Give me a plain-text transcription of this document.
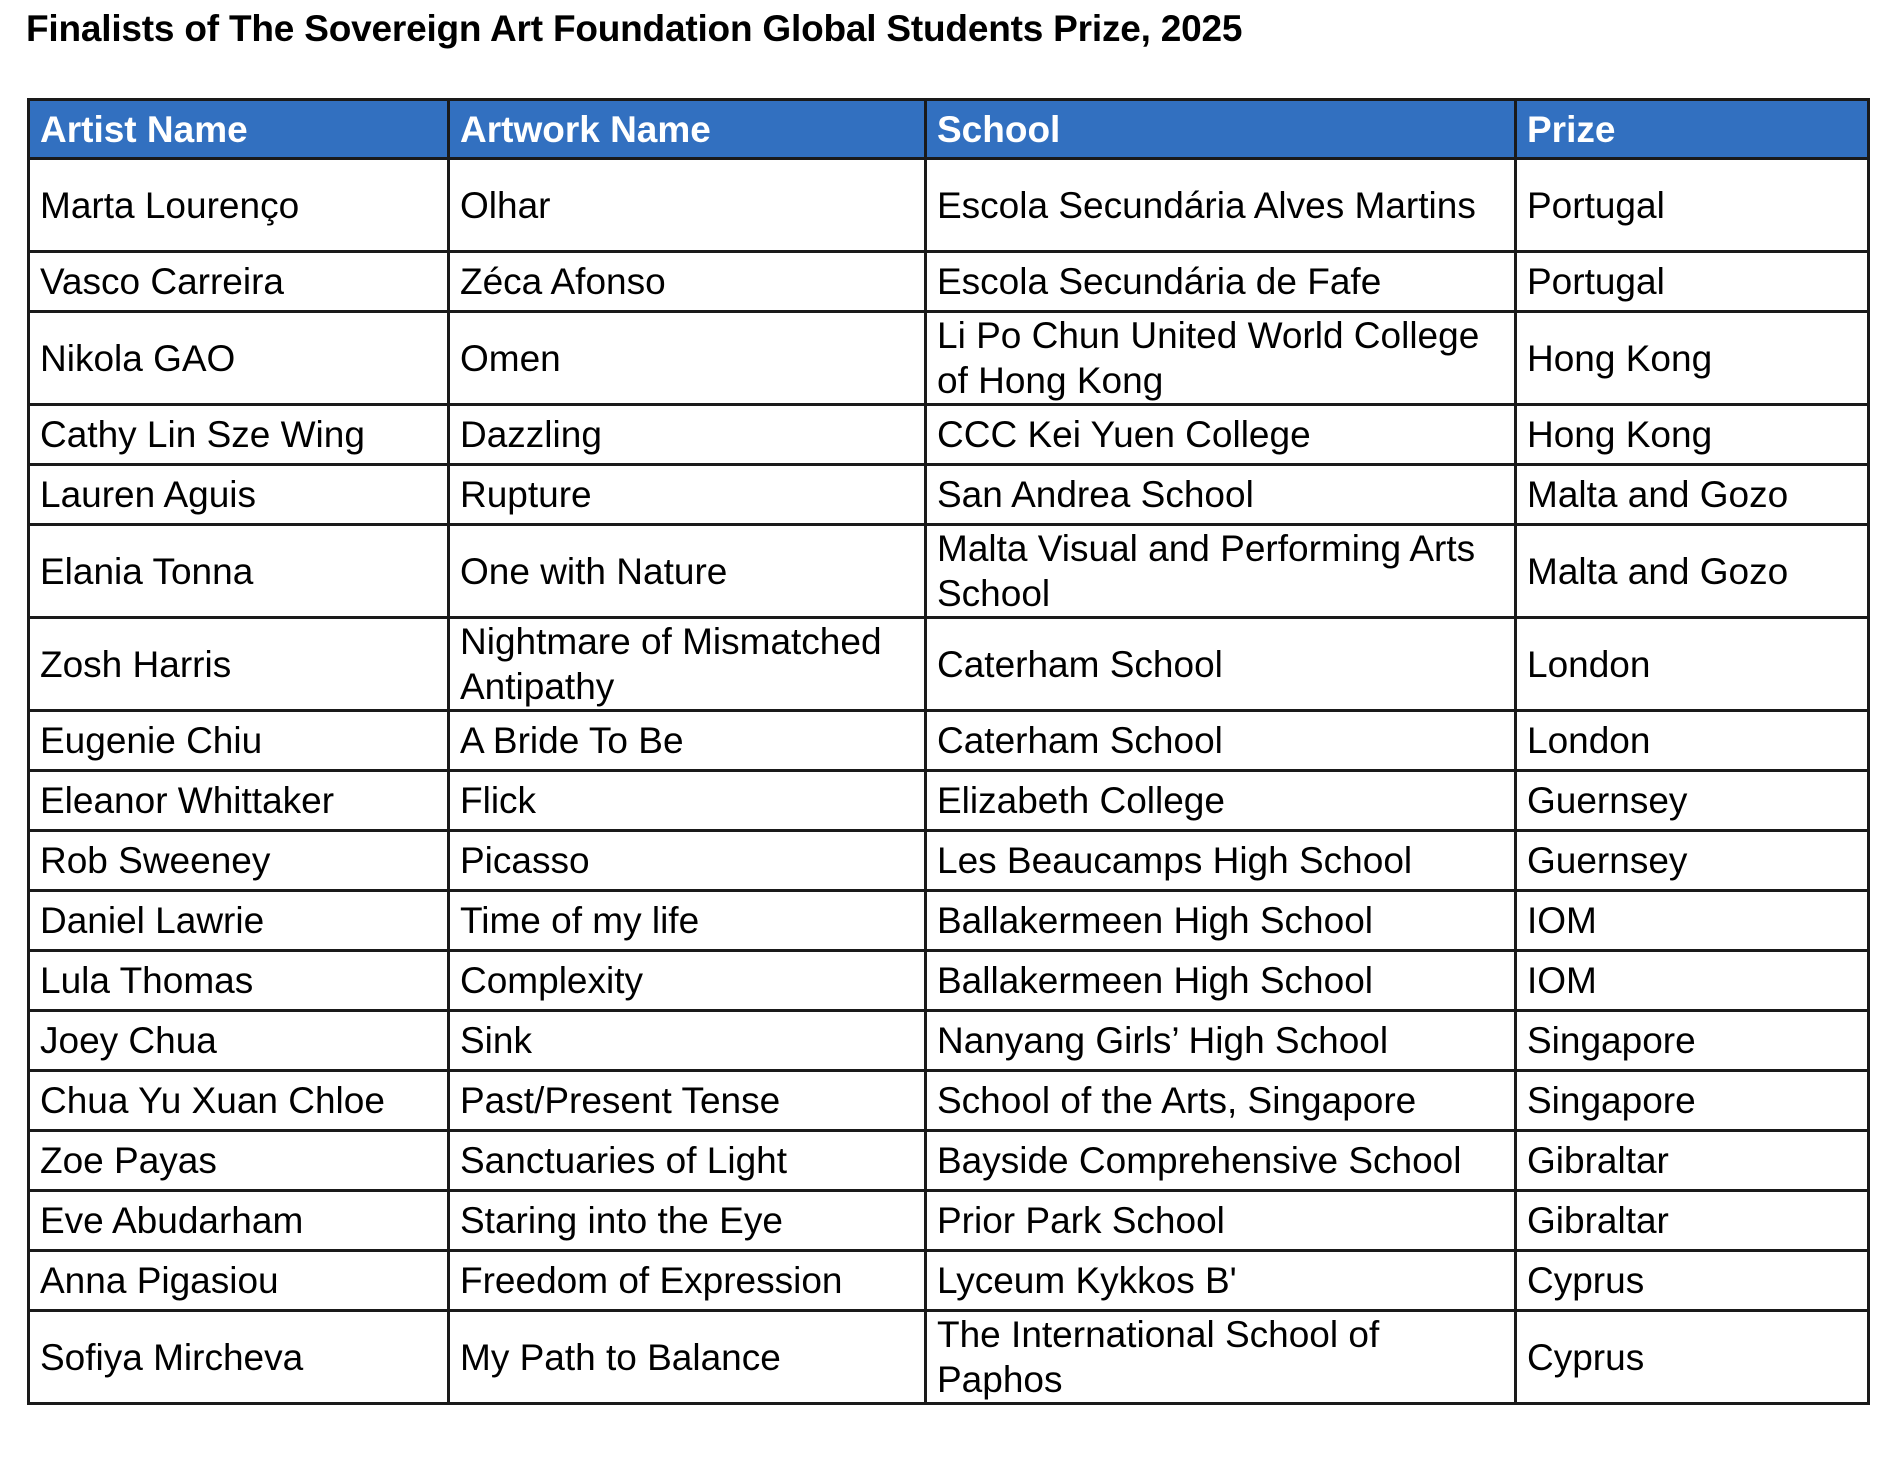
Finalists of The Sovereign Art Foundation Global Students Prize, 2025
Artist Name	Artwork Name	School	Prize
Marta Lourenço	Olhar	Escola Secundária Alves Martins	Portugal
Vasco Carreira	Zéca Afonso	Escola Secundária de Fafe	Portugal
Nikola GAO	Omen	Li Po Chun United World College of Hong Kong	Hong Kong
Cathy Lin Sze Wing	Dazzling	CCC Kei Yuen College	Hong Kong
Lauren Aguis	Rupture	San Andrea School	Malta and Gozo
Elania Tonna	One with Nature	Malta Visual and Performing Arts School	Malta and Gozo
Zosh Harris	Nightmare of Mismatched Antipathy	Caterham School	London
Eugenie Chiu	A Bride To Be	Caterham School	London
Eleanor Whittaker	Flick	Elizabeth College	Guernsey
Rob Sweeney	Picasso	Les Beaucamps High School	Guernsey
Daniel Lawrie	Time of my life	Ballakermeen High School	IOM
Lula Thomas	Complexity	Ballakermeen High School	IOM
Joey Chua	Sink	Nanyang Girls’ High School	Singapore
Chua Yu Xuan Chloe	Past/Present Tense	School of the Arts, Singapore	Singapore
Zoe Payas	Sanctuaries of Light	Bayside Comprehensive School	Gibraltar
Eve Abudarham	Staring into the Eye	Prior Park School	Gibraltar
Anna Pigasiou	Freedom of Expression	Lyceum Kykkos B'	Cyprus
Sofiya Mircheva	My Path to Balance	The International School of Paphos	Cyprus
